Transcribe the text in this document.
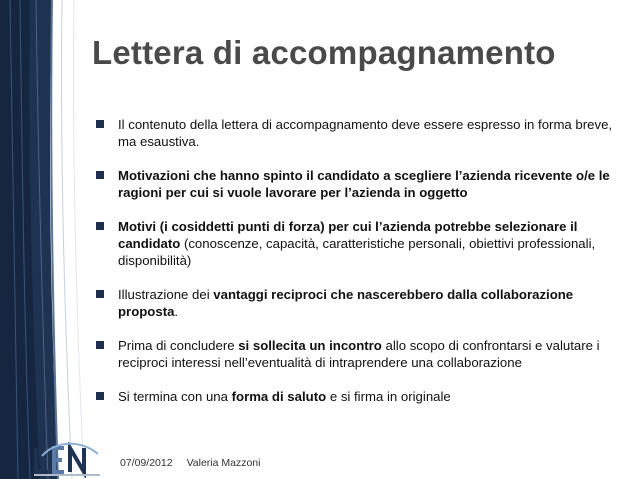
Lettera di accompagnamento
Il contenuto della lettera di accompagnamento deve essere espresso in forma breve, ma esaustiva.
Motivazioni che hanno spinto il candidato a scegliere l’azienda ricevente o/e le ragioni per cui si vuole lavorare per l’azienda in oggetto
Motivi (i cosiddetti punti di forza) per cui l’azienda potrebbe selezionare il candidato (conoscenze, capacità, caratteristiche personali, obiettivi professionali, disponibilità)
Illustrazione dei vantaggi reciproci che nascerebbero dalla collaborazione proposta.
Prima di concludere si sollecita un incontro allo scopo di confrontarsi e valutare i reciproci interessi nell’eventualità di intraprendere una collaborazione
Si termina con una forma di saluto e si firma in originale
07/09/2012 Valeria Mazzoni
